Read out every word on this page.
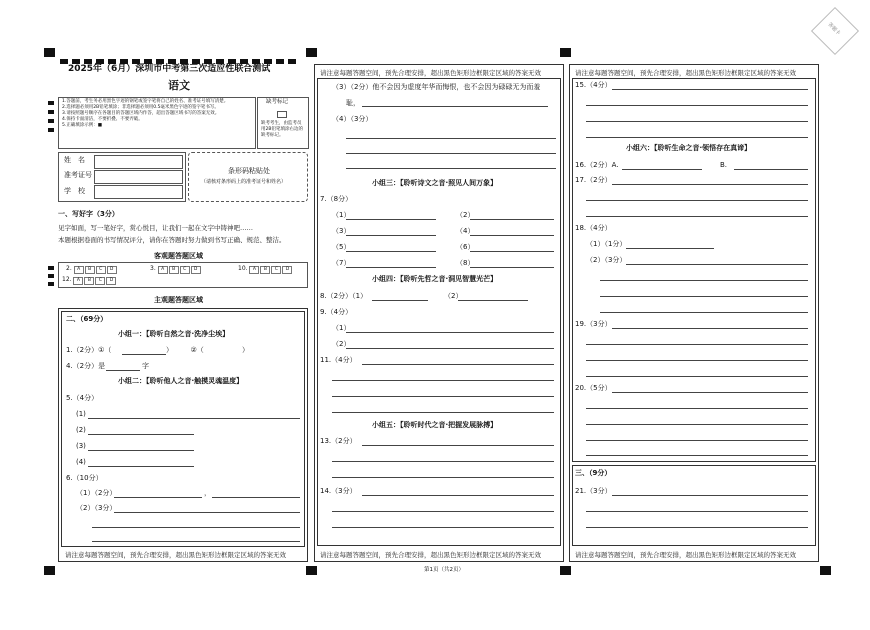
答题卡
2025年（6月）深圳市中考第三次适应性联合测试
语文
1.答题前，考生务必用黑色字迹的钢笔或签字笔将自己的姓名、准考证号填写清楚。
2.选择题必须用2B铅笔填涂；非选择题必须用0.5毫米黑色字迹的签字笔书写。
3.请按照题号顺序在各题目的答题区域内作答，超出答题区域书写的答案无效。
4.保持卡面清洁，不要折叠、不要弄破。
5.正确填涂示例：■
缺考标记
缺考考生，由监考员用2B铅笔填涂右边的缺考标记。
姓　名
准考证号
学　校
条形码粘贴处
（请核对条形码上的准考证号和姓名）
一、写好字（3分）
见字如面，写一笔好字，赏心悦目，让我们一起在文字中铸神吧……
本题根据卷面的书写情况评分，请你在答题时努力做到书写正确、规范、整洁。
客观题答题区域
2. A B C D	3. A B C D	10. A B C D
12. A B C D
主观题答题区域
请注意每题答题空间，预先合理安排，超出黑色矩形边框限定区域的答案无效
二、（69分）
小组一：【聆听自然之音·洗净尘埃】
1.（2分）①（	）　　　②（	）
4.（2分）是	字
小组二：【聆听他人之音·触摸灵魂温度】
5.（4分）
(1)
(2)
(3)
(4)
6.（10分）
（1）（2分）	，
（2）（3分）
请注意每题答题空间，预先合理安排，超出黑色矩形边框限定区域的答案无效
请注意每题答题空间，预先合理安排，超出黑色矩形边框限定区域的答案无效
（3）（2分）他不会因为虚度年华而悔恨，也不会因为碌碌无为而羞
耻，
（4）（3分）
小组三：【聆听诗文之音·照见人间万象】
7.（8分）
（1）	（2）
（3）	（4）
（5）	（6）
（7）	（8）
小组四：【聆听先哲之音·洞见智慧光芒】
8.（2分）（1）	（2）
9.（4分）
（1）
（2）
11.（4分）
小组五：【聆听时代之音·把握发展脉搏】
13.（2分）
14.（3分）
请注意每题答题空间，预先合理安排，超出黑色矩形边框限定区域的答案无效
请注意每题答题空间，预先合理安排，超出黑色矩形边框限定区域的答案无效
15.（4分）
小组六：【聆听生命之音·领悟存在真谛】
16.（2分）A.	B.
17.（2分）
18.（4分）
（1）（1分）
（2）（3分）
19.（3分）
20.（5分）
三、（9分）
21.（3分）
第1页（共2页）
